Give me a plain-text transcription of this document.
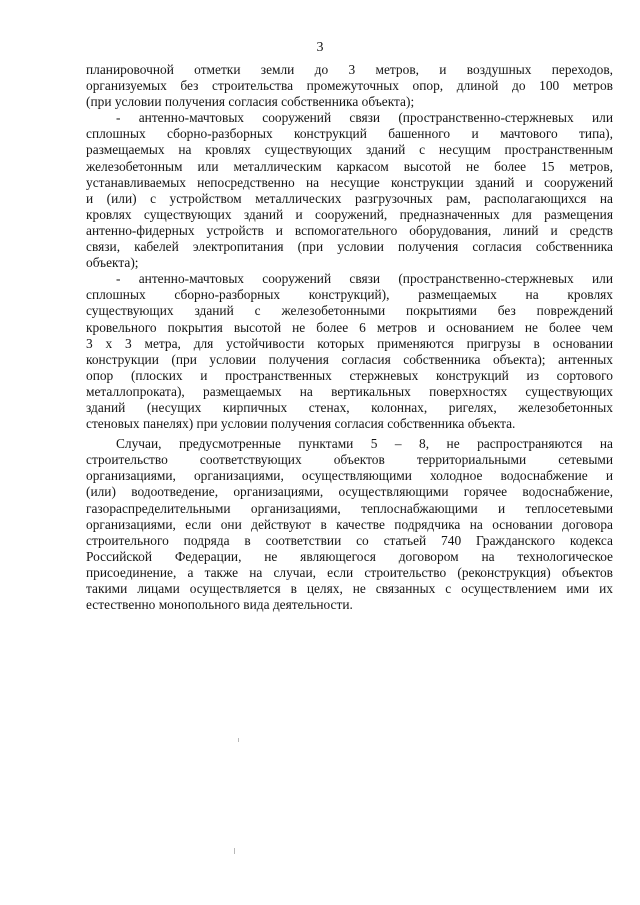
3

планировочной отметки земли до 3 метров, и воздушных переходов,
организуемых без строительства промежуточных опор, длиной до 100 метров
(при условии получения согласия собственника объекта);

- антенно-мачтовых сооружений связи (пространственно-стержневых или
сплошных сборно-разборных конструкций башенного и мачтового типа),
размещаемых на кровлях существующих зданий с несущим пространственным
железобетонным или металлическим каркасом высотой не более 15 метров,
устанавливаемых непосредственно на несущие конструкции зданий и сооружений
и (или) с устройством металлических разгрузочных рам, располагающихся на
кровлях существующих зданий и сооружений, предназначенных для размещения
антенно-фидерных устройств и вспомогательного оборудования, линий и средств
связи, кабелей электропитания (при условии получения согласия собственника
объекта);

- антенно-мачтовых сооружений связи (пространственно-стержневых или
сплошных сборно-разборных конструкций), размещаемых на кровлях
существующих зданий с железобетонными покрытиями без повреждений
кровельного покрытия высотой не более 6 метров и основанием не более чем
3 х 3 метра, для устойчивости которых применяются пригрузы в основании
конструкции (при условии получения согласия собственника объекта); антенных
опор (плоских и пространственных стержневых конструкций из сортового
металлопроката), размещаемых на вертикальных поверхностях существующих
зданий (несущих кирпичных стенах, колоннах, ригелях, железобетонных
стеновых панелях) при условии получения согласия собственника объекта.

Случаи, предусмотренные пунктами 5 – 8, не распространяются на
строительство соответствующих объектов территориальными сетевыми
организациями, организациями, осуществляющими холодное водоснабжение и
(или) водоотведение, организациями, осуществляющими горячее водоснабжение,
газораспределительными организациями, теплоснабжающими и теплосетевыми
организациями, если они действуют в качестве подрядчика на основании договора
строительного подряда в соответствии со статьей 740 Гражданского кодекса
Российской Федерации, не являющегося договором на технологическое
присоединение, а также на случаи, если строительство (реконструкция) объектов
такими лицами осуществляется в целях, не связанных с осуществлением ими их
естественно монопольного вида деятельности.
